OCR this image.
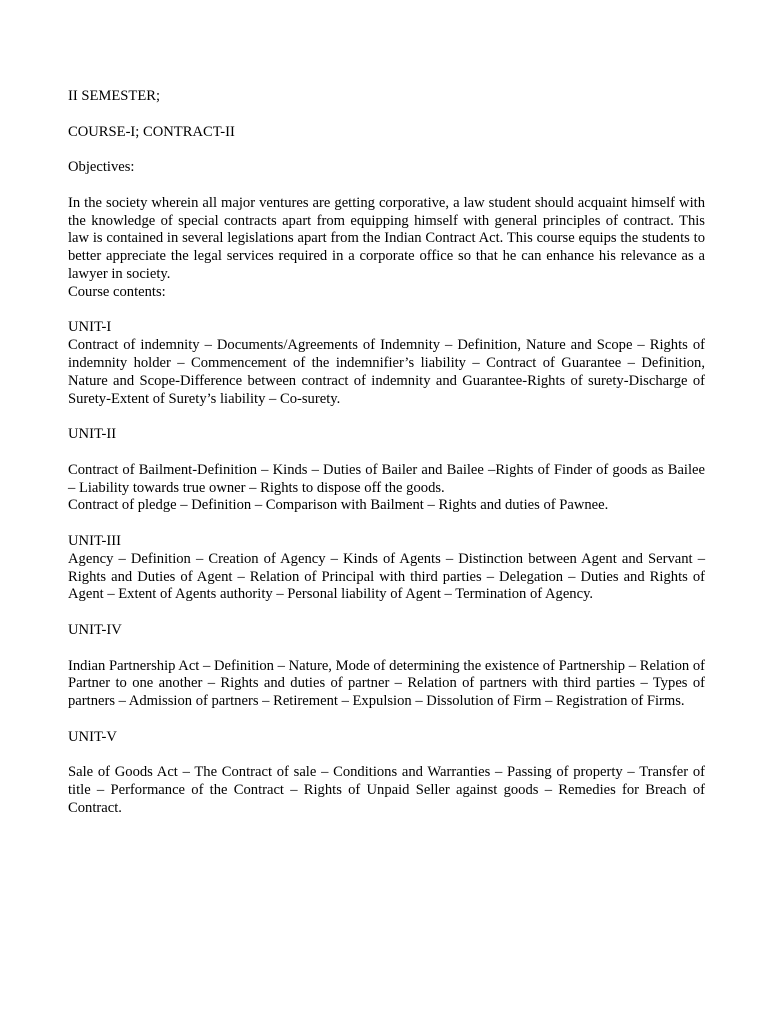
II SEMESTER;

COURSE-I; CONTRACT-II

Objectives:

In the society wherein all major ventures are getting corporative, a law student should acquaint himself with the knowledge of special contracts apart from equipping himself with general principles of contract. This law is contained in several legislations apart from the Indian Contract Act. This course equips the students to better appreciate the legal services required in a corporate office so that he can enhance his relevance as a lawyer in society.

Course contents:

UNIT-I

Contract of indemnity – Documents/Agreements of Indemnity – Definition, Nature and Scope – Rights of indemnity holder – Commencement of the indemnifier’s liability – Contract of Guarantee – Definition, Nature and Scope-Difference between contract of indemnity and Guarantee-Rights of surety-Discharge of Surety-Extent of Surety’s liability – Co-surety.

UNIT-II

Contract of Bailment-Definition – Kinds – Duties of Bailer and Bailee –Rights of Finder of goods as Bailee – Liability towards true owner – Rights to dispose off the goods.

Contract of pledge – Definition – Comparison with Bailment – Rights and duties of Pawnee.

UNIT-III

Agency – Definition – Creation of Agency – Kinds of Agents – Distinction between Agent and Servant – Rights and Duties of Agent – Relation of Principal with third parties – Delegation – Duties and Rights of Agent – Extent of Agents authority – Personal liability of Agent – Termination of Agency.

UNIT-IV

Indian Partnership Act – Definition – Nature, Mode of determining the existence of Partnership – Relation of Partner to one another – Rights and duties of partner – Relation of partners with third parties – Types of partners – Admission of partners – Retirement – Expulsion – Dissolution of Firm – Registration of Firms.

UNIT-V

Sale of Goods Act – The Contract of sale – Conditions and Warranties – Passing of property – Transfer of title – Performance of the Contract – Rights of Unpaid Seller against goods – Remedies for Breach of Contract.
